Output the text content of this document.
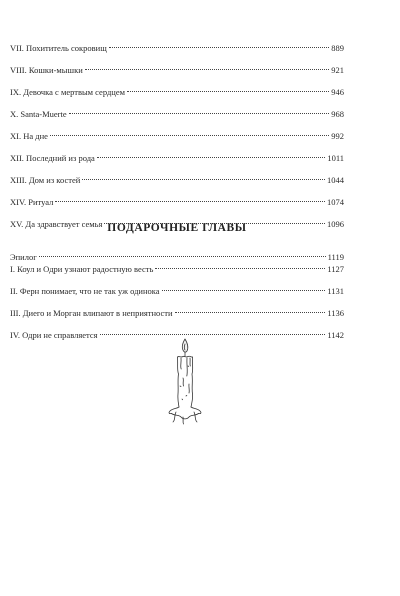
VII. Похититель сокровищ	889
VIII. Кошки-мышки	921
IX. Девочка с мертвым сердцем	946
X. Santa-Muerte	968
XI. На дне	992
XII. Последний из рода	1011
XIII. Дом из костей	1044
XIV. Ритуал	1074
XV. Да здравствует семья	1096
Эпилог	1119
ПОДАРОЧНЫЕ ГЛАВЫ
I. Коул и Одри узнают радостную весть	1127
II. Ферн понимает, что не так уж одинока	1131
III. Диего и Морган влипают в неприятности	1136
IV. Одри не справляется	1142
